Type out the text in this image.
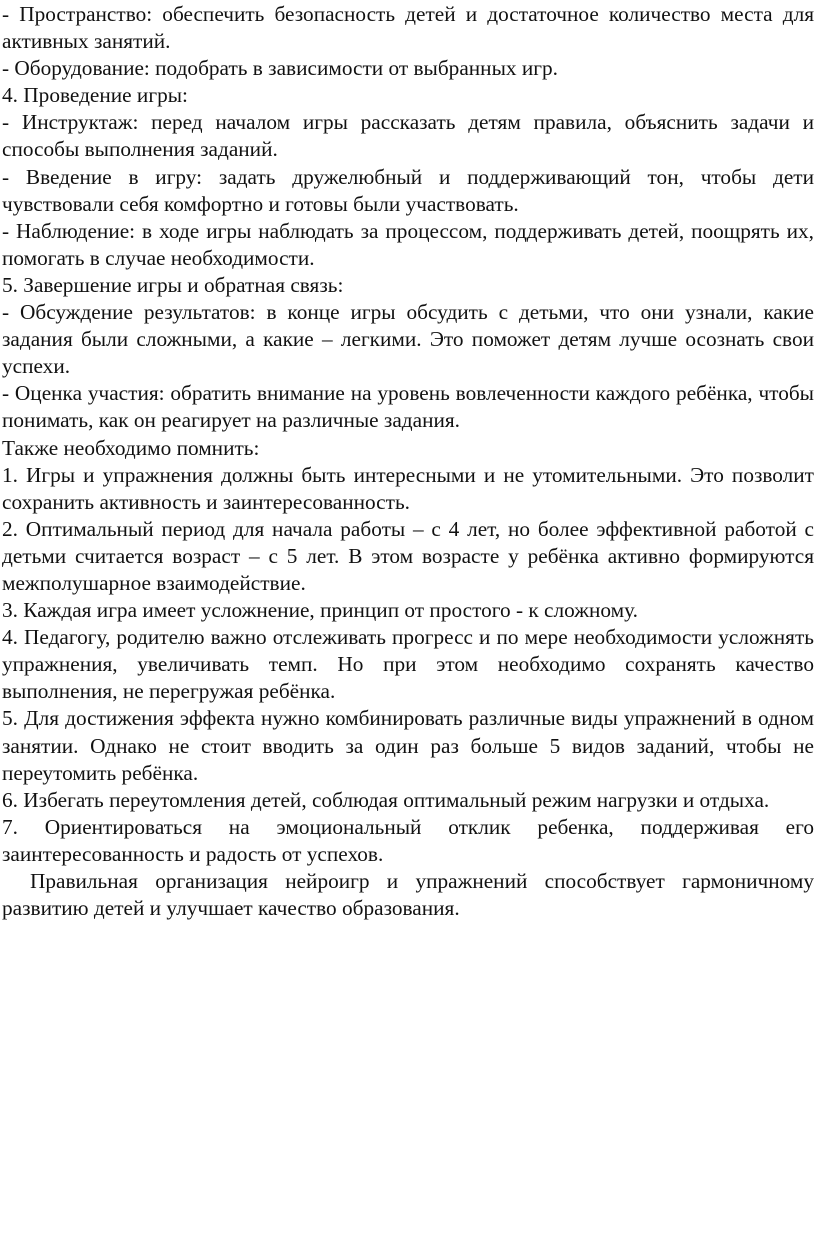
- Пространство: обеспечить безопасность детей и достаточное количество места для активных занятий.

- Оборудование: подобрать в зависимости от выбранных игр.

4. Проведение игры:

- Инструктаж: перед началом игры рассказать детям правила, объяснить задачи и способы выполнения заданий.

- Введение в игру: задать дружелюбный и поддерживающий тон, чтобы дети чувствовали себя комфортно и готовы были участвовать.

- Наблюдение: в ходе игры наблюдать за процессом, поддерживать детей, поощрять их, помогать в случае необходимости.

5. Завершение игры и обратная связь:

- Обсуждение результатов: в конце игры обсудить с детьми, что они узнали, какие задания были сложными, а какие – легкими. Это поможет детям лучше осознать свои успехи.

- Оценка участия: обратить внимание на уровень вовлеченности каждого ребёнка, чтобы понимать, как он реагирует на различные задания.

Также необходимо помнить:

1. Игры и упражнения должны быть интересными и не утомительными. Это позволит сохранить активность и заинтересованность.

2. Оптимальный период для начала работы – с 4 лет, но более эффективной работой с детьми считается возраст – с 5 лет. В этом возрасте у ребёнка активно формируются межполушарное взаимодействие.

3. Каждая игра имеет усложнение, принцип от простого - к сложному.

4. Педагогу, родителю важно отслеживать прогресс и по мере необходимости усложнять упражнения, увеличивать темп. Но при этом необходимо сохранять качество выполнения, не перегружая ребёнка.

5. Для достижения эффекта нужно комбинировать различные виды упражнений в одном занятии. Однако не стоит вводить за один раз больше 5 видов заданий, чтобы не переутомить ребёнка.

6. Избегать переутомления детей, соблюдая оптимальный режим нагрузки и отдыха.

7. Ориентироваться на эмоциональный отклик ребенка, поддерживая его заинтересованность и радость от успехов.

Правильная организация нейроигр и упражнений способствует гармоничному развитию детей и улучшает качество образования.
